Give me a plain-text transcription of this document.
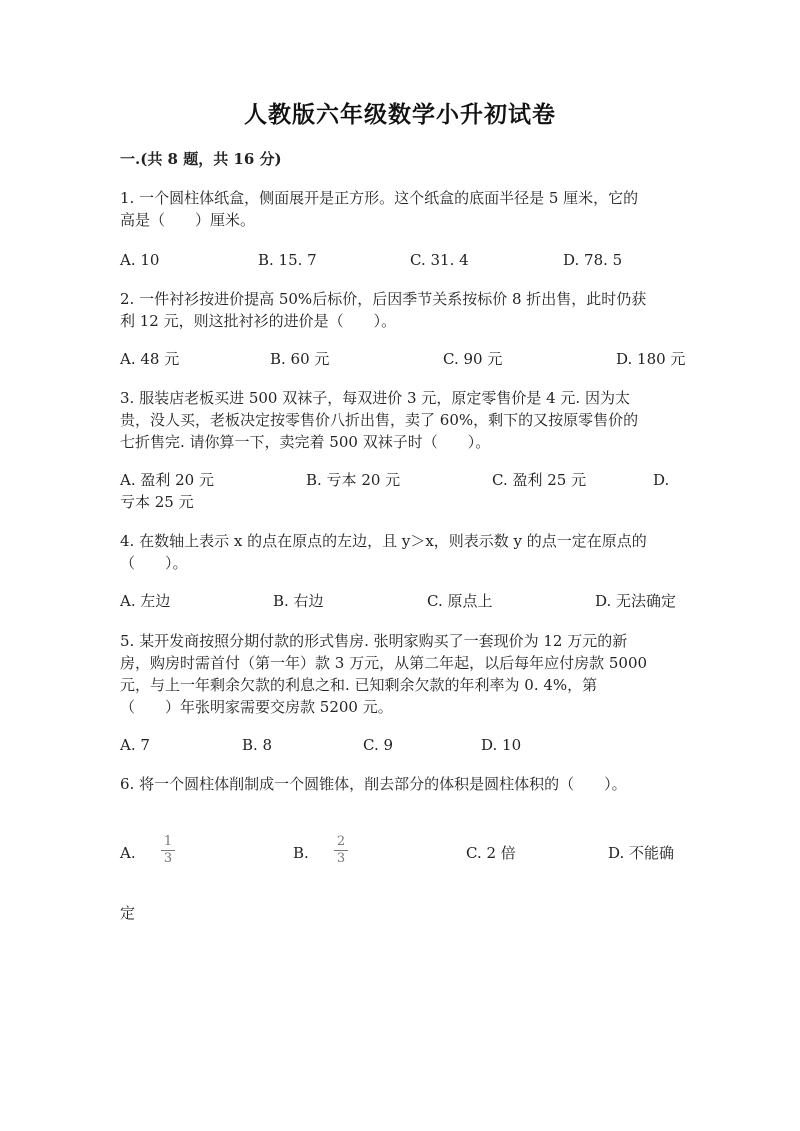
人教版六年级数学小升初试卷
一.(共 8 题，共 16 分)
1. 一个圆柱体纸盒，侧面展开是正方形。这个纸盒的底面半径是 5 厘米，它的
高是（　　）厘米。
A. 10	B. 15. 7	C. 31. 4	D. 78. 5
2. 一件衬衫按进价提高 50%后标价，后因季节关系按标价 8 折出售，此时仍获
利 12 元，则这批衬衫的进价是（　　）。
A. 48 元	B. 60 元	C. 90 元	D. 180 元
3. 服装店老板买进 500 双袜子，每双进价 3 元，原定零售价是 4 元. 因为太
贵，没人买，老板决定按零售价八折出售，卖了 60%，剩下的又按原零售价的
七折售完. 请你算一下，卖完着 500 双袜子时（　　）。
A. 盈利 20 元	B. 亏本 20 元	C. 盈利 25 元	D.
亏本 25 元
4. 在数轴上表示 x 的点在原点的左边，且 y＞x，则表示数 y 的点一定在原点的
（　　）。
A. 左边	B. 右边	C. 原点上	D. 无法确定
5. 某开发商按照分期付款的形式售房. 张明家购买了一套现价为 12 万元的新
房，购房时需首付（第一年）款 3 万元，从第二年起，以后每年应付房款 5000
元，与上一年剩余欠款的利息之和. 已知剩余欠款的年利率为 0. 4%，第
（　　）年张明家需要交房款 5200 元。
A. 7	B. 8	C. 9	D. 10
6. 将一个圆柱体削制成一个圆锥体，削去部分的体积是圆柱体积的（　　）。
A. $\frac{1}{3}$	B. $\frac{2}{3}$	C. 2 倍	D. 不能确
定
